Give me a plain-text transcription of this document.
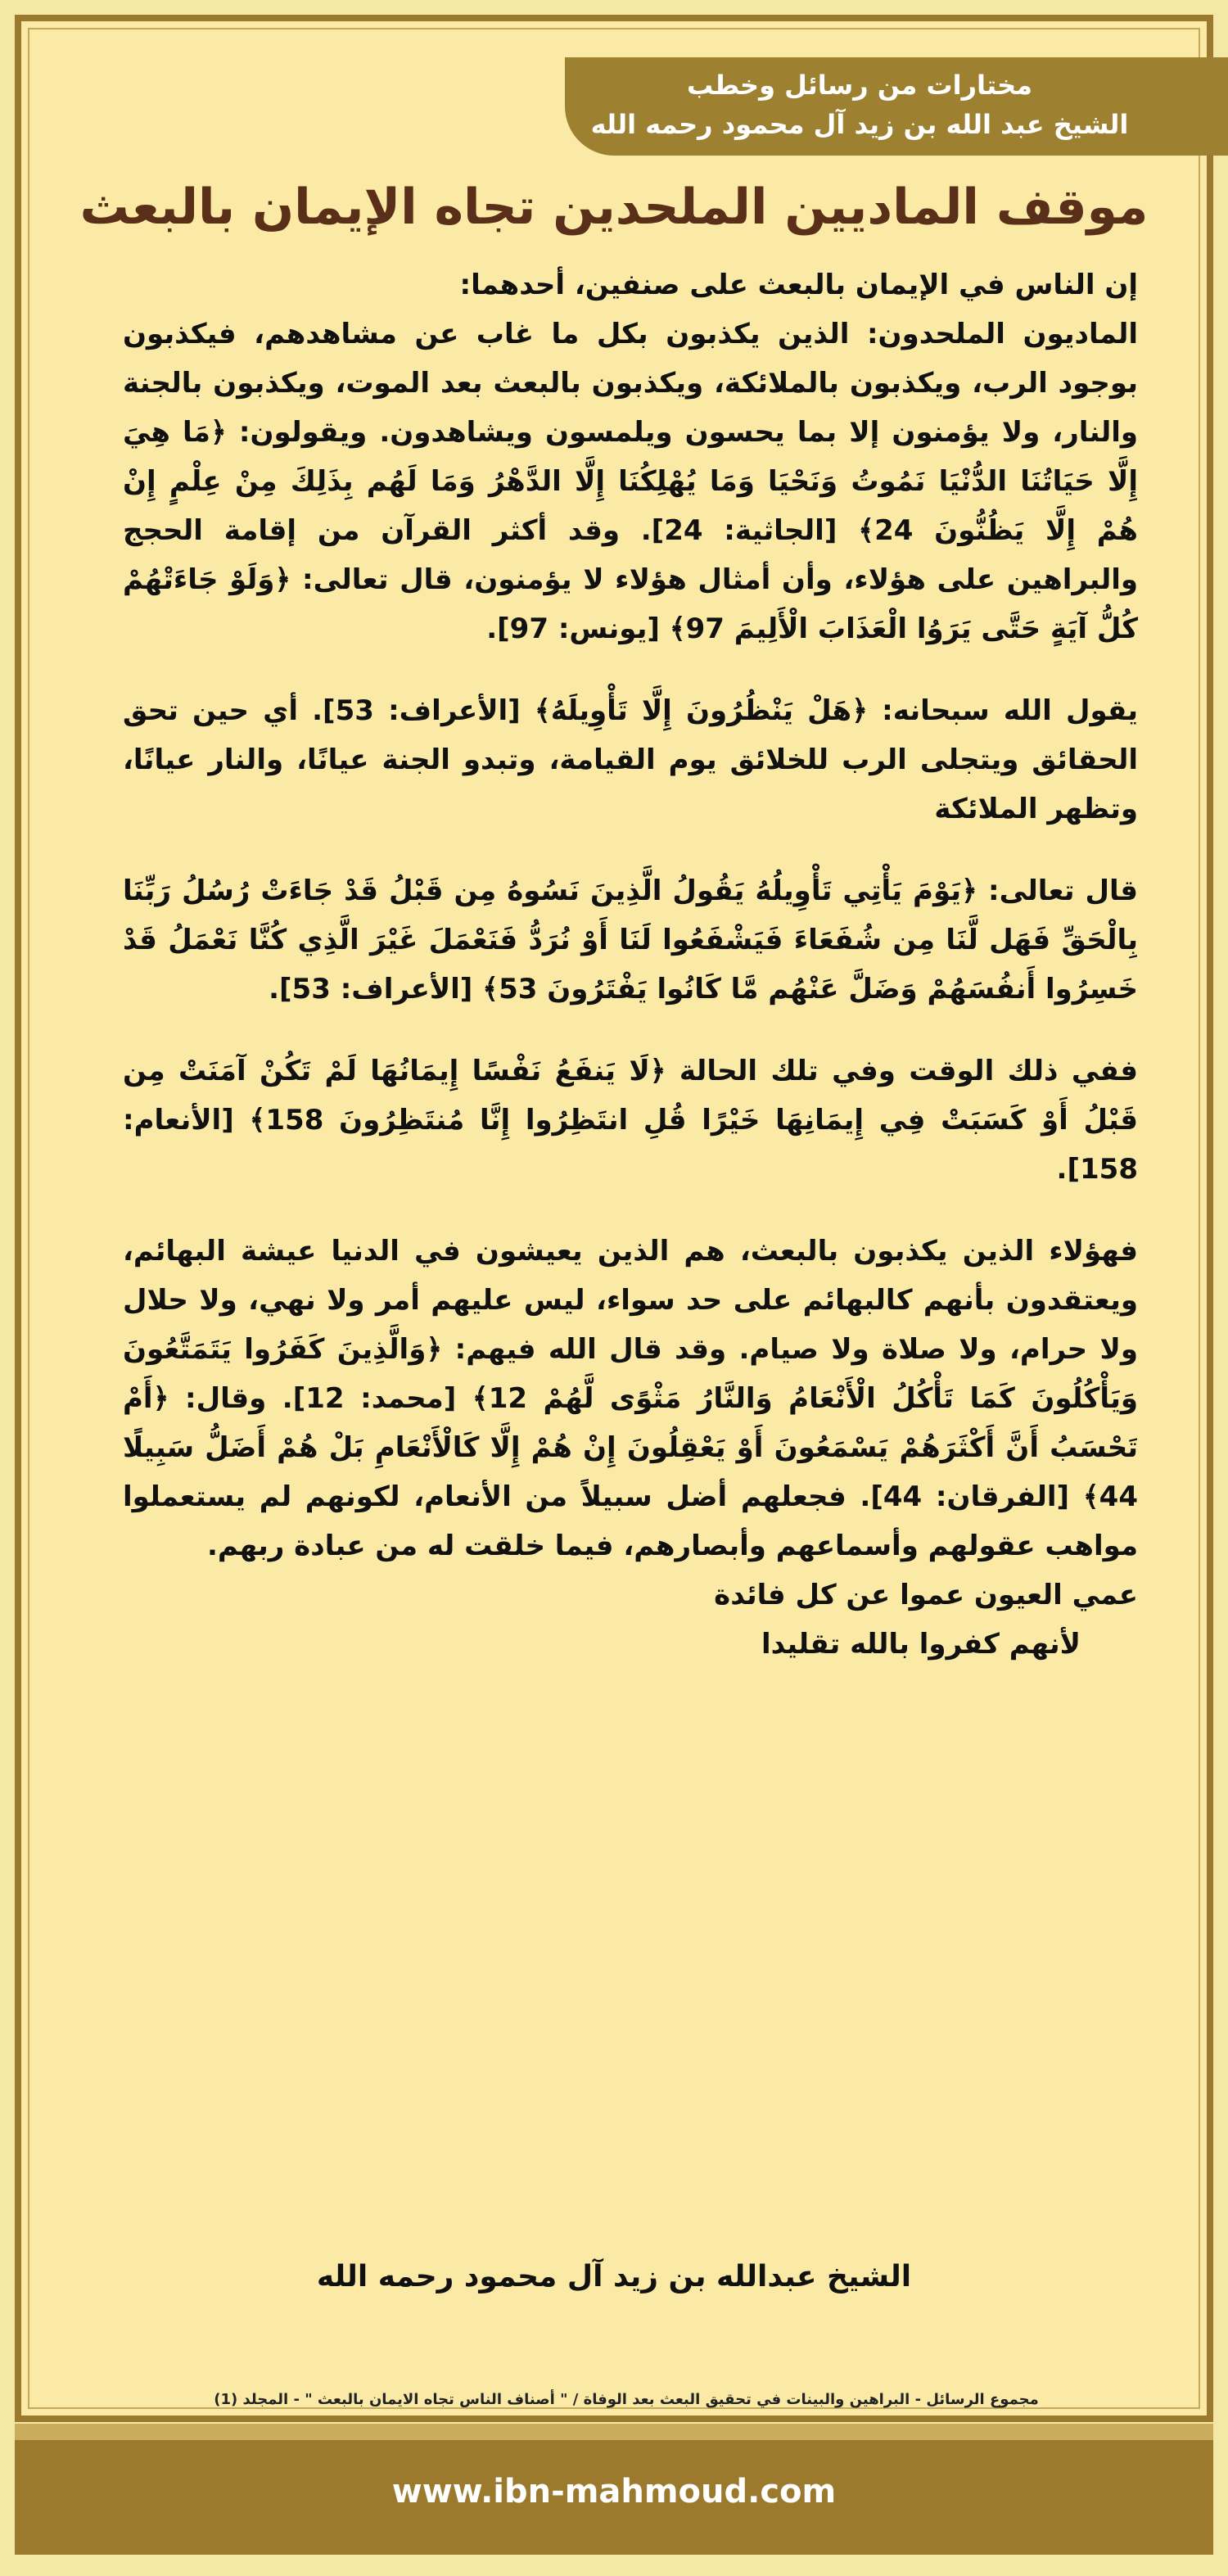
مختارات من رسائل وخطب
الشيخ عبد الله بن زيد آل محمود رحمه الله
موقف الماديين الملحدين تجاه الإيمان بالبعث

إن الناس في الإيمان بالبعث على صنفين، أحدهما:

الماديون الملحدون: الذين يكذبون بكل ما غاب عن مشاهدهم، فيكذبون بوجود الرب، ويكذبون بالملائكة، ويكذبون بالبعث بعد الموت، ويكذبون بالجنة والنار، ولا يؤمنون إلا بما يحسون ويلمسون ويشاهدون. ويقولون: ﴿مَا هِيَ إِلَّا حَيَاتُنَا الدُّنْيَا نَمُوتُ وَنَحْيَا وَمَا يُهْلِكُنَا إِلَّا الدَّهْرُ وَمَا لَهُم بِذَلِكَ مِنْ عِلْمٍ إِنْ هُمْ إِلَّا يَظُنُّونَ 24﴾ [الجاثية: 24]. وقد أكثر القرآن من إقامة الحجج والبراهين على هؤلاء، وأن أمثال هؤلاء لا يؤمنون، قال تعالى: ﴿وَلَوْ جَاءَتْهُمْ كُلُّ آيَةٍ حَتَّى يَرَوُا الْعَذَابَ الْأَلِيمَ 97﴾ [يونس: 97].

يقول الله سبحانه: ﴿هَلْ يَنْظُرُونَ إِلَّا تَأْوِيلَهُ﴾ [الأعراف: 53]. أي حين تحق الحقائق ويتجلى الرب للخلائق يوم القيامة، وتبدو الجنة عيانًا، والنار عيانًا، وتظهر الملائكة

قال تعالى: ﴿يَوْمَ يَأْتِي تَأْوِيلُهُ يَقُولُ الَّذِينَ نَسُوهُ مِن قَبْلُ قَدْ جَاءَتْ رُسُلُ رَبِّنَا بِالْحَقِّ فَهَل لَّنَا مِن شُفَعَاءَ فَيَشْفَعُوا لَنَا أَوْ نُرَدُّ فَنَعْمَلَ غَيْرَ الَّذِي كُنَّا نَعْمَلُ قَدْ خَسِرُوا أَنفُسَهُمْ وَضَلَّ عَنْهُم مَّا كَانُوا يَفْتَرُونَ 53﴾ [الأعراف: 53].

ففي ذلك الوقت وفي تلك الحالة ﴿لَا يَنفَعُ نَفْسًا إِيمَانُهَا لَمْ تَكُنْ آمَنَتْ مِن قَبْلُ أَوْ كَسَبَتْ فِي إِيمَانِهَا خَيْرًا قُلِ انتَظِرُوا إِنَّا مُنتَظِرُونَ 158﴾ [الأنعام: 158].

فهؤلاء الذين يكذبون بالبعث، هم الذين يعيشون في الدنيا عيشة البهائم، ويعتقدون بأنهم كالبهائم على حد سواء، ليس عليهم أمر ولا نهي، ولا حلال ولا حرام، ولا صلاة ولا صيام. وقد قال الله فيهم: ﴿وَالَّذِينَ كَفَرُوا يَتَمَتَّعُونَ وَيَأْكُلُونَ كَمَا تَأْكُلُ الْأَنْعَامُ وَالنَّارُ مَثْوًى لَّهُمْ 12﴾ [محمد: 12]. وقال: ﴿أَمْ تَحْسَبُ أَنَّ أَكْثَرَهُمْ يَسْمَعُونَ أَوْ يَعْقِلُونَ إِنْ هُمْ إِلَّا كَالْأَنْعَامِ بَلْ هُمْ أَضَلُّ سَبِيلًا 44﴾ [الفرقان: 44]. فجعلهم أضل سبيلاً من الأنعام، لكونهم لم يستعملوا مواهب عقولهم وأسماعهم وأبصارهم، فيما خلقت له من عبادة ربهم.

عمي العيون عموا عن كل فائدة
لأنهم كفروا بالله تقليدا
الشيخ عبدالله بن زيد آل محمود رحمه الله
مجموع الرسائل - البراهين والبينات في تحقيق البعث بعد الوفاة / " أصناف الناس تجاه الايمان بالبعث " - المجلد (1)
www.ibn-mahmoud.com
